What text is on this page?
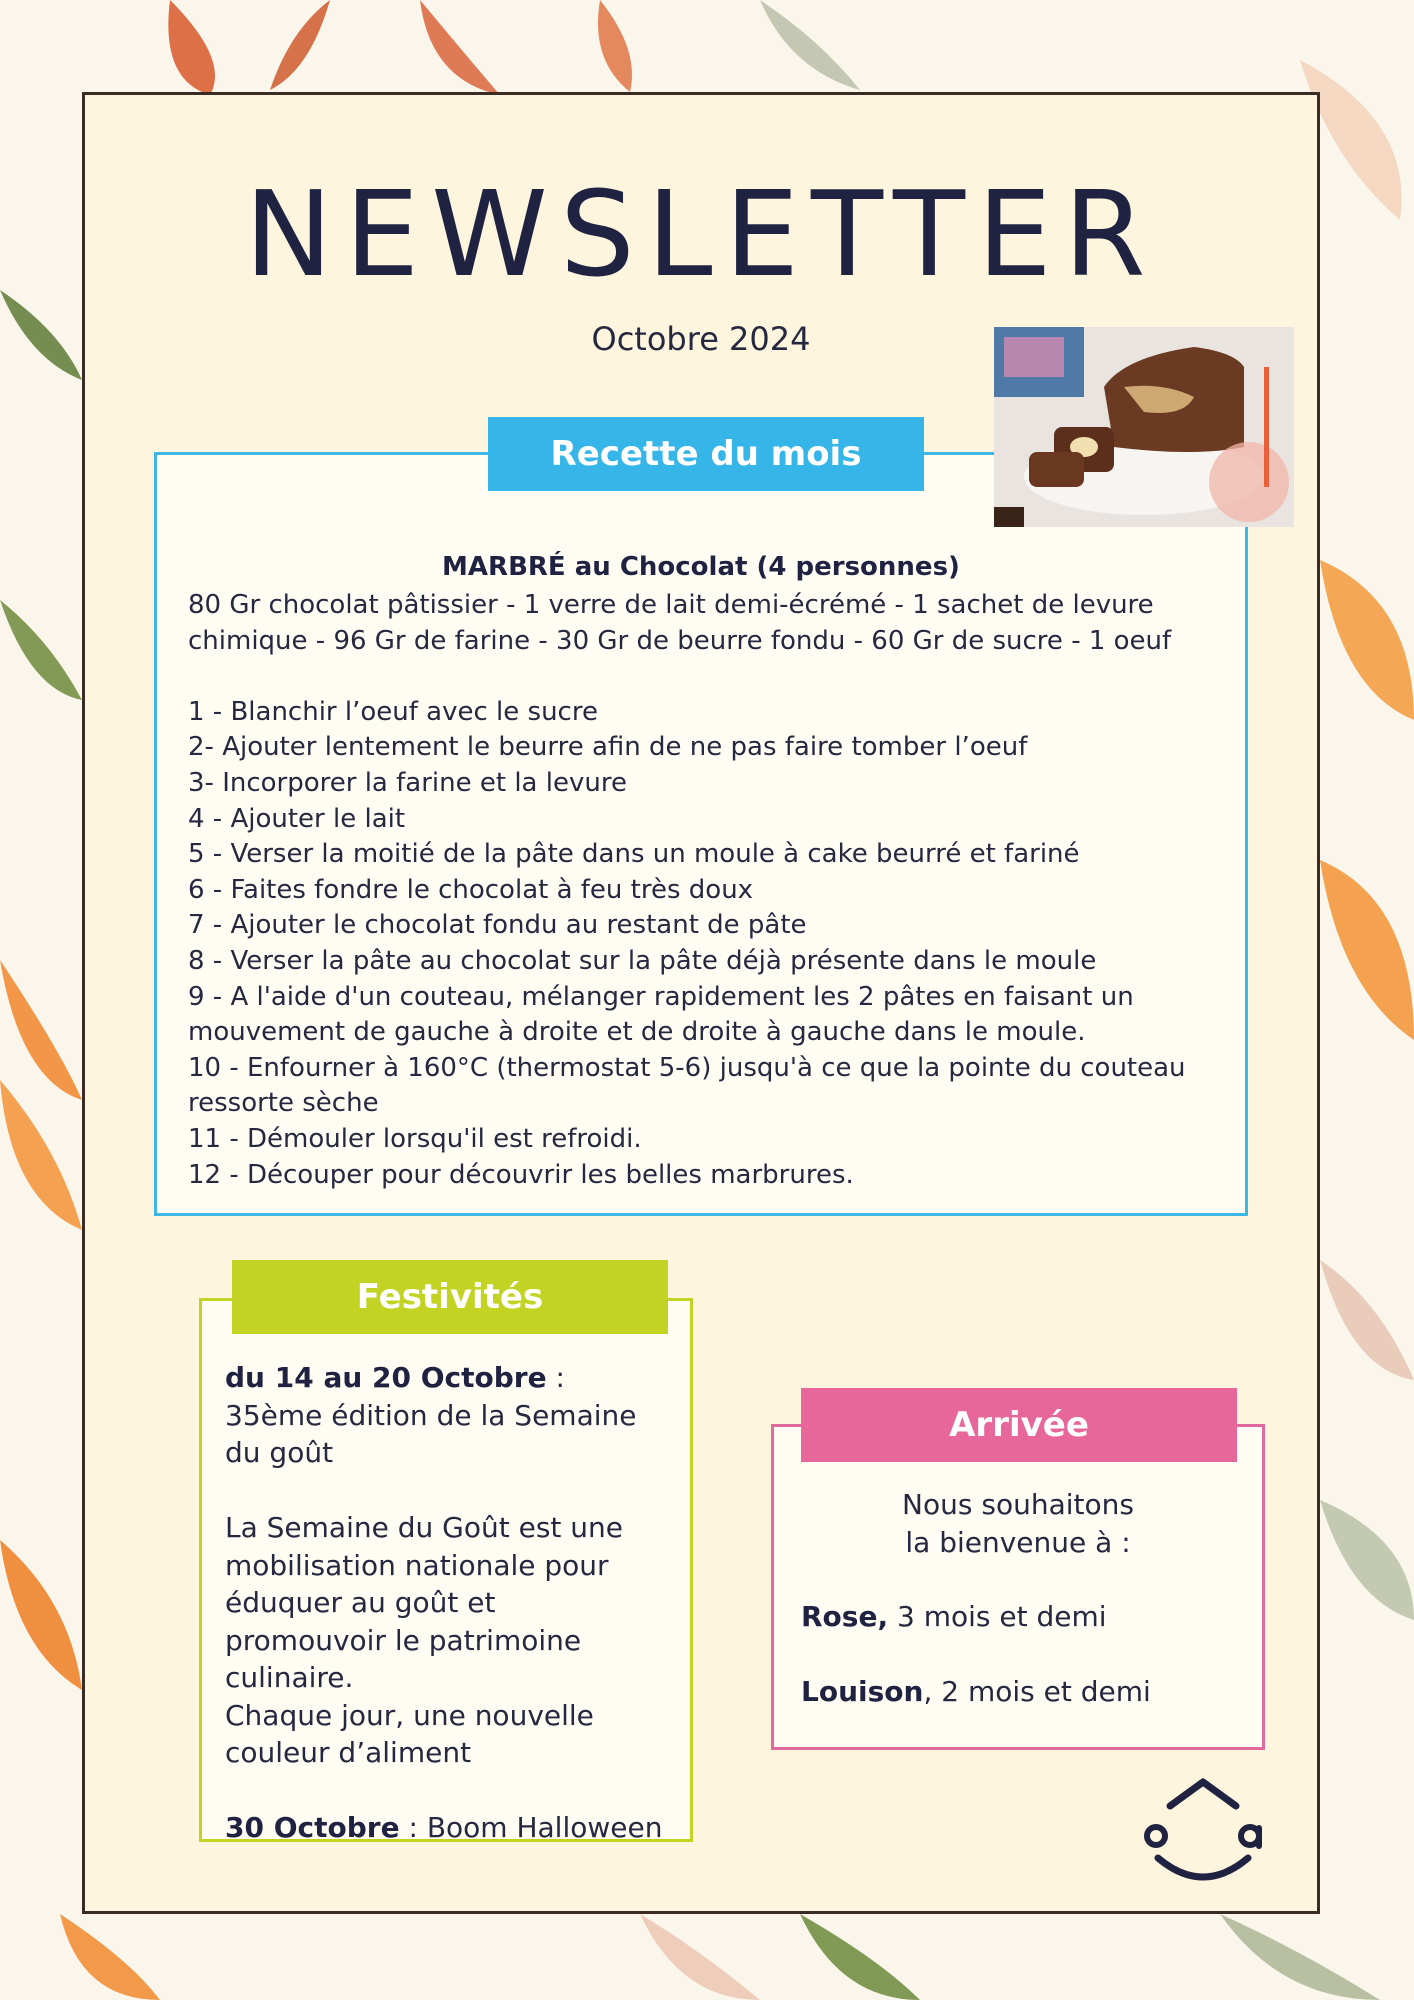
NEWSLETTER
Octobre 2024
Recette du mois
MARBRÉ au Chocolat (4 personnes)

80 Gr chocolat pâtissier - 1 verre de lait demi-écrémé - 1 sachet de levure chimique - 96 Gr de farine - 30 Gr de beurre fondu - 60 Gr de sucre - 1 oeuf

1 - Blanchir l’oeuf avec le sucre

2- Ajouter lentement le beurre afin de ne pas faire tomber l’oeuf

3- Incorporer la farine et la levure

4 - Ajouter le lait

5 - Verser la moitié de la pâte dans un moule à cake beurré et fariné

6 - Faites fondre le chocolat à feu très doux

7 - Ajouter le chocolat fondu au restant de pâte

8 - Verser la pâte au chocolat sur la pâte déjà présente dans le moule

9 - A l'aide d'un couteau, mélanger rapidement les 2 pâtes en faisant un mouvement de gauche à droite et de droite à gauche dans le moule.

10 - Enfourner à 160°C (thermostat 5-6) jusqu'à ce que la pointe du couteau ressorte sèche

11 - Démouler lorsqu'il est refroidi.

12 - Découper pour découvrir les belles marbrures.

Festivités

du 14 au 20 Octobre : 35ème édition de la Semaine du goût

La Semaine du Goût est une mobilisation nationale pour éduquer au goût et promouvoir le patrimoine culinaire.

Chaque jour, une nouvelle couleur d’aliment

30 Octobre : Boom Halloween

Arrivée
Nous souhaitons
la bienvenue à :
Rose, 3 mois et demi
Louison, 2 mois et demi
